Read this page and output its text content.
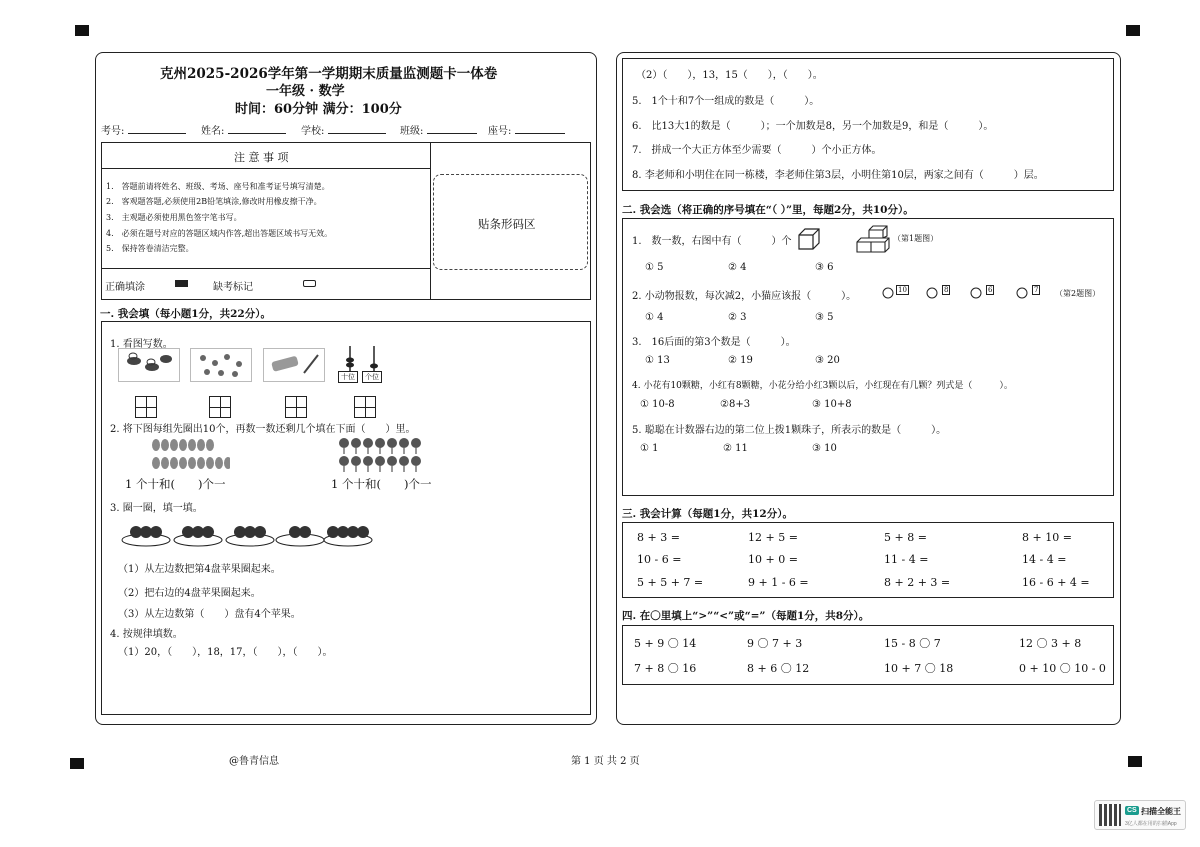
克州2025-2026学年第一学期期末质量监测题卡一体卷
一年级 · 数学
时间：60分钟 满分：100分
考号:	姓名:	学校:	班级:	座号:
注 意 事 项
1.　答题前请将姓名、班级、考场、座号和准考证号填写清楚。
2.　客观题答题,必须使用2B铅笔填涂,修改时用橡皮擦干净。
3.　主观题必须使用黑色签字笔书写。
4.　必须在题号对应的答题区域内作答,超出答题区域书写无效。
5.　保持答卷清洁完整。
正确填涂	缺考标记
贴条形码区
一. 我会填（每小题1分，共22分）。
1. 看图写数。
十位	个位
2. 将下图每组先圈出10个，再数一数还剩几个填在下面（　　）里。
1 个十和(　　)个一	1 个十和(　　)个一
3. 圈一圈，填一填。
（1）从左边数把第4盘苹果圈起来。
（2）把右边的4盘苹果圈起来。
（3）从左边数第（　　）盘有4个苹果。
4. 按规律填数。
（1）20，（　　），18，17，（　　），（　　）。
（2）（　　），13，15（　　），（　　）。
5.　1个十和7个一组成的数是（　　　）。
6.　比13大1的数是（　　　）；一个加数是8，另一个加数是9，和是（　　　）。
7.　拼成一个大正方体至少需要（　　　）个小正方体。
8. 李老师和小明住在同一栋楼，李老师住第3层，小明住第10层，两家之间有（　　　）层。
二. 我会选（将正确的序号填在“（ ）”里，每题2分，共10分）。
1.　数一数，右图中有（　　　）个	（第1题图）
① 5	② 4	③ 6
2. 小动物报数，每次减2，小猫应该报（　　　）。
10	8	6	7 （第2题图）
① 4	② 3	③ 5
3.　16后面的第3个数是（　　　）。
① 13	② 19	③ 20
4. 小花有10颗糖，小红有8颗糖，小花分给小红3颗以后，小红现在有几颗？列式是（　　　）。
① 10-8	②8+3	③ 10+8
5. 聪聪在计数器右边的第二位上拨1颗珠子，所表示的数是（　　　）。
① 1	② 11	③ 10
三. 我会计算（每题1分，共12分）。
8 + 3 =	12 + 5 =	5 + 8 =	8 + 10 =
10 - 6 =	10 + 0 =	11 - 4 =	14 - 4 =
5 + 5 + 7 =	9 + 1 - 6 =	8 + 2 + 3 =	16 - 6 + 4 =
四. 在〇里填上“>”“<”或“=”（每题1分，共8分）。
5 + 9 〇 14	9 〇 7 + 3	15 - 8 〇 7	12 〇 3 + 8
7 + 8 〇 16	8 + 6 〇 12	10 + 7 〇 18	0 + 10 〇 10 - 0
@鲁青信息	第 1 页 共 2 页
CS 扫描全能王
3亿人都在用的扫描App
